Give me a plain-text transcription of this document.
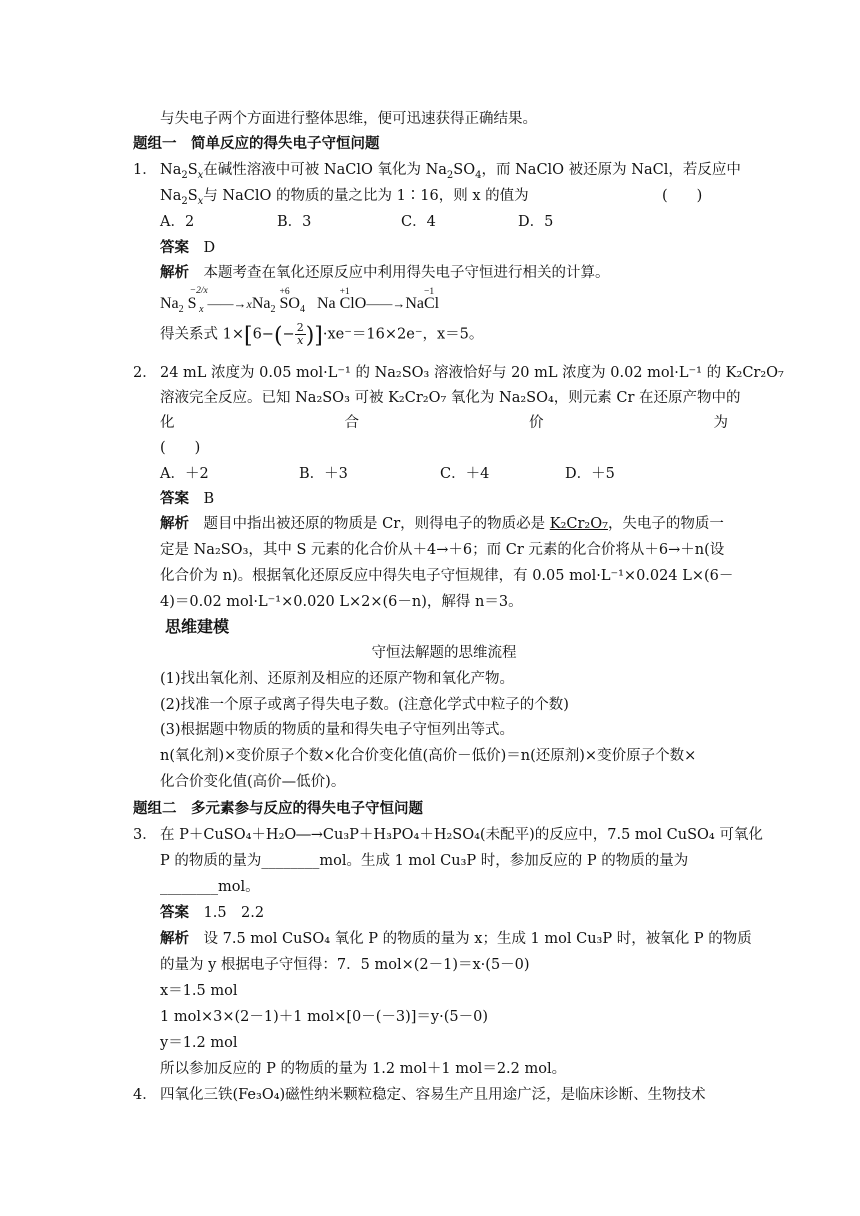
与失电子两个方面进行整体思维，便可迅速获得正确结果。
题组一　简单反应的得失电子守恒问题
1． $Na_2S_x$在碱性溶液中可被 NaClO 氧化为 $Na_2SO_4$，而 NaClO 被还原为 NaCl，若反应中
$Na_2S_x$与 NaClO 的物质的量之比为 1∶16，则 x 的值为	(　　)
A．2	B．3	C．4	D．5
答案　 D
解析　 本题考查在氧化还原反应中利用得失电子守恒进行相关的计算。
$Na_2$ S
−2/x
$_x$ ――→xNa$_2$ S
+6
$O_4$   Na Cl
+1
O――→NaCl
−1
得关系式 $1\times[6-(- \frac{2}{x} )]\cdot xe^-=16\times 2e^-$，x＝5。
2． 24 mL 浓度为 0.05 mol·L⁻¹ 的 Na₂SO₃ 溶液恰好与 20 mL 浓度为 0.02 mol·L⁻¹ 的 K₂Cr₂O₇
溶液完全反应。已知 Na₂SO₃ 可被 K₂Cr₂O₇ 氧化为 Na₂SO₄，则元素 Cr 在还原产物中的
化	合	价	为
(　　)
A．＋2	B．＋3	C．＋4	D．＋5
答案　 B
解析　 题目中指出被还原的物质是 Cr，则得电子的物质必是 K₂Cr₂O₇，失电子的物质一
定是 Na₂SO₃，其中 S 元素的化合价从＋4→＋6；而 Cr 元素的化合价将从＋6→＋n(设
化合价为 n)。根据氧化还原反应中得失电子守恒规律，有 0.05 mol·L⁻¹×0.024 L×(6－
4)＝0.02 mol·L⁻¹×0.020 L×2×(6－n)，解得 n＝3。
思维建模
守恒法解题的思维流程
(1)找出氧化剂、还原剂及相应的还原产物和氧化产物。
(2)找准一个原子或离子得失电子数。(注意化学式中粒子的个数)
(3)根据题中物质的物质的量和得失电子守恒列出等式。
n(氧化剂)×变价原子个数×化合价变化值(高价－低价)＝n(还原剂)×变价原子个数×
化合价变化值(高价—低价)。
题组二　多元素参与反应的得失电子守恒问题
3． 在 P＋CuSO₄＋H₂O―→Cu₃P＋H₃PO₄＋H₂SO₄(未配平)的反应中，7.5 mol CuSO₄ 可氧化
P 的物质的量为________mol。生成 1 mol Cu₃P 时，参加反应的 P 的物质的量为
________mol。
答案　 1.5　2.2
解析　 设 7.5 mol CuSO₄ 氧化 P 的物质的量为 x；生成 1 mol Cu₃P 时，被氧化 P 的物质
的量为 y 根据电子守恒得：7．5 mol×(2－1)＝x·(5－0)
x＝1.5 mol
1 mol×3×(2－1)＋1 mol×[0－(－3)]＝y·(5－0)
y＝1.2 mol
所以参加反应的 P 的物质的量为 1.2 mol＋1 mol＝2.2 mol。
4． 四氧化三铁(Fe₃O₄)磁性纳米颗粒稳定、容易生产且用途广泛，是临床诊断、生物技术
